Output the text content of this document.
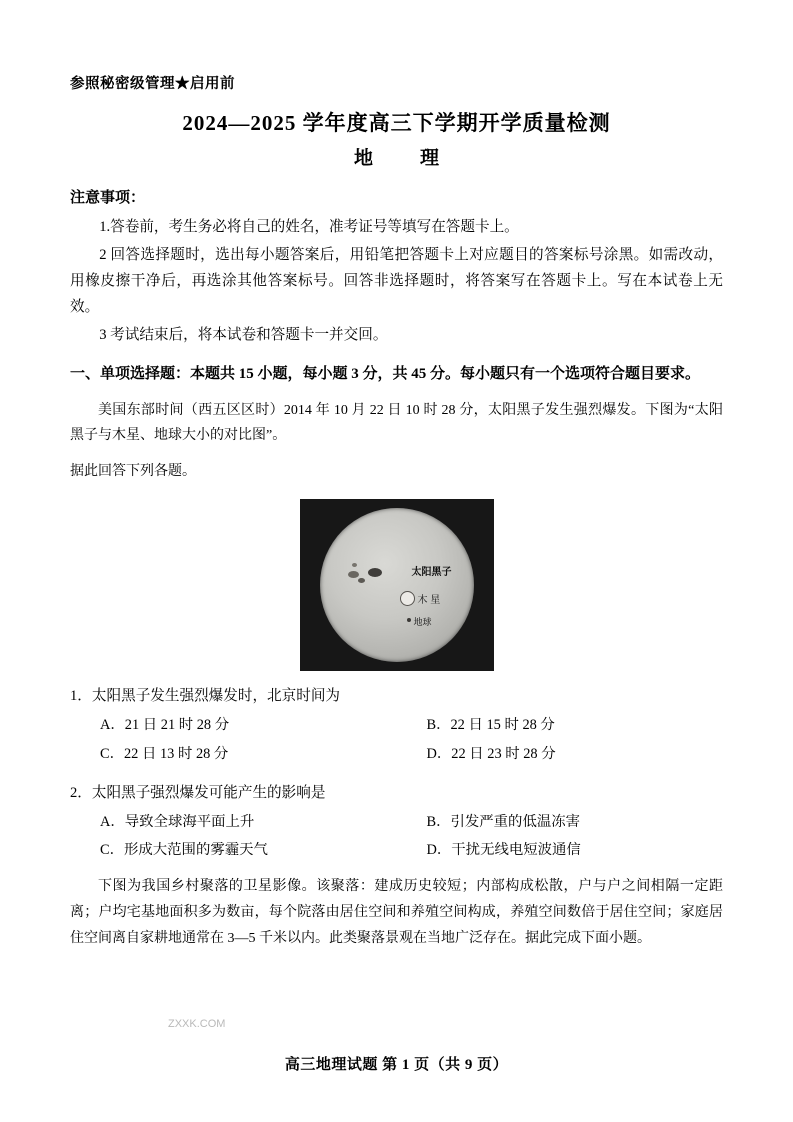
参照秘密级管理★启用前
2024—2025 学年度高三下学期开学质量检测
地　理
注意事项：

1.答卷前，考生务必将自己的姓名，准考证号等填写在答题卡上。

2 回答选择题时，选出每小题答案后，用铅笔把答题卡上对应题目的答案标号涂黑。如需改动，用橡皮擦干净后，再选涂其他答案标号。回答非选择题时，将答案写在答题卡上。写在本试卷上无效。

3 考试结束后，将本试卷和答题卡一并交回。

一、单项选择题：本题共 15 小题，每小题 3 分，共 45 分。每小题只有一个选项符合题目要求。

美国东部时间（西五区区时）2014 年 10 月 22 日 10 时 28 分，太阳黑子发生强烈爆发。下图为“太阳黑子与木星、地球大小的对比图”。

据此回答下列各题。

太阳黑子
木 星
地球
1．太阳黑子发生强烈爆发时，北京时间为
A．21 日 21 时 28 分	B．22 日 15 时 28 分
C．22 日 13 时 28 分	D．22 日 23 时 28 分
2．太阳黑子强烈爆发可能产生的影响是
A．导致全球海平面上升	B．引发严重的低温冻害
C．形成大范围的雾霾天气	D．干扰无线电短波通信

下图为我国乡村聚落的卫星影像。该聚落：建成历史较短；内部构成松散，户与户之间相隔一定距离；户均宅基地面积多为数亩，每个院落由居住空间和养殖空间构成，养殖空间数倍于居住空间；家庭居住空间离自家耕地通常在 3—5 千米以内。此类聚落景观在当地广泛存在。据此完成下面小题。

ZXXK.COM
高三地理试题 第 1 页（共 9 页）
